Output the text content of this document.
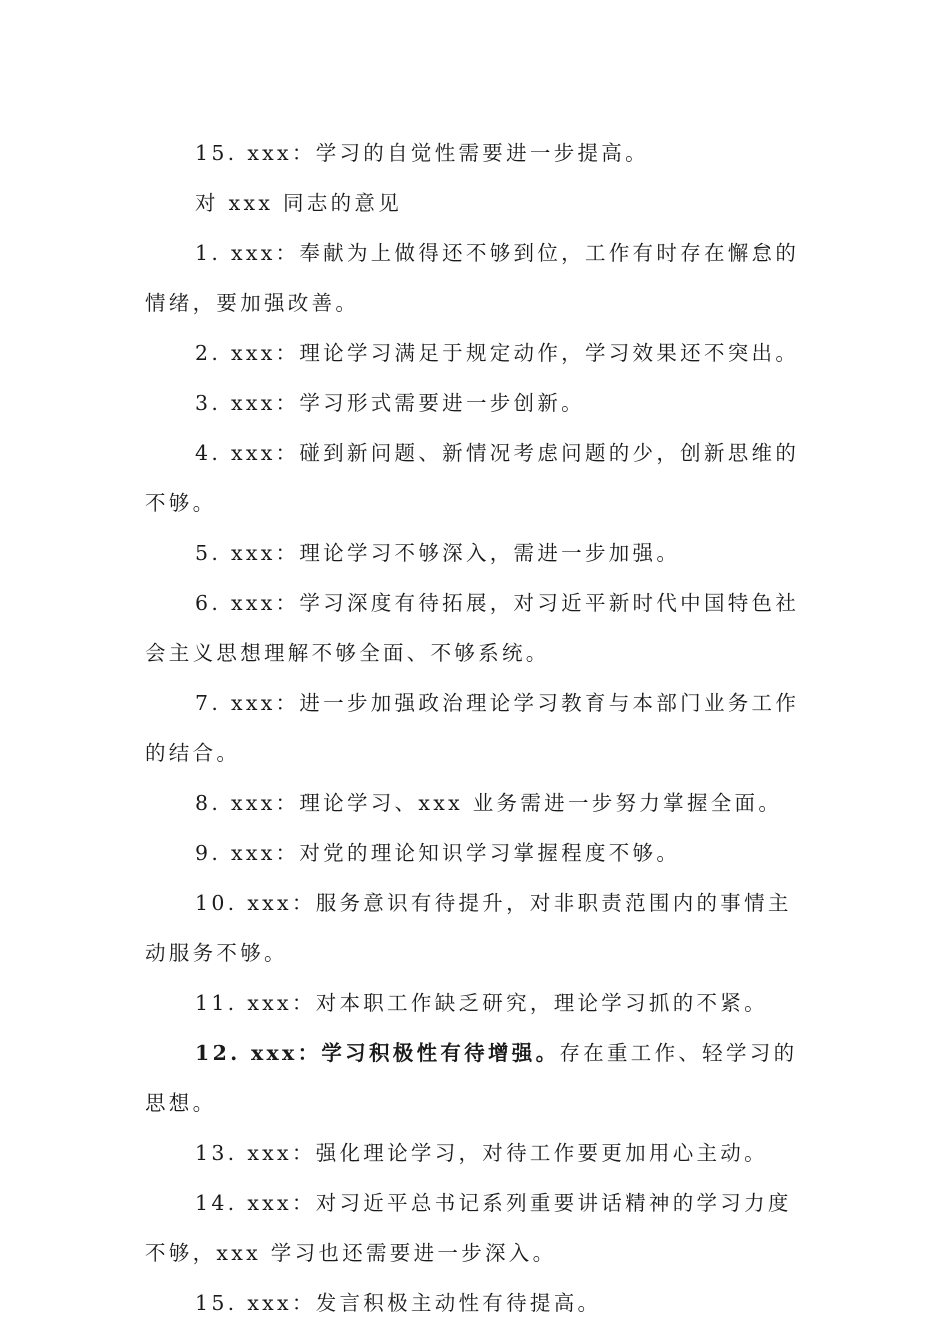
15. xxx：学习的自觉性需要进一步提高。

对 xxx 同志的意见

1. xxx：奉献为上做得还不够到位，工作有时存在懈怠的情绪，要加强改善。

2. xxx：理论学习满足于规定动作，学习效果还不突出。

3. xxx：学习形式需要进一步创新。

4. xxx：碰到新问题、新情况考虑问题的少，创新思维的不够。

5. xxx：理论学习不够深入，需进一步加强。

6. xxx：学习深度有待拓展，对习近平新时代中国特色社会主义思想理解不够全面、不够系统。

7. xxx：进一步加强政治理论学习教育与本部门业务工作的结合。

8. xxx：理论学习、xxx 业务需进一步努力掌握全面。

9. xxx：对党的理论知识学习掌握程度不够。

10. xxx：服务意识有待提升，对非职责范围内的事情主动服务不够。

11. xxx：对本职工作缺乏研究，理论学习抓的不紧。

12. xxx：学习积极性有待增强。存在重工作、轻学习的思想。

13. xxx：强化理论学习，对待工作要更加用心主动。

14. xxx：对习近平总书记系列重要讲话精神的学习力度不够，xxx 学习也还需要进一步深入。

15. xxx：发言积极主动性有待提高。
